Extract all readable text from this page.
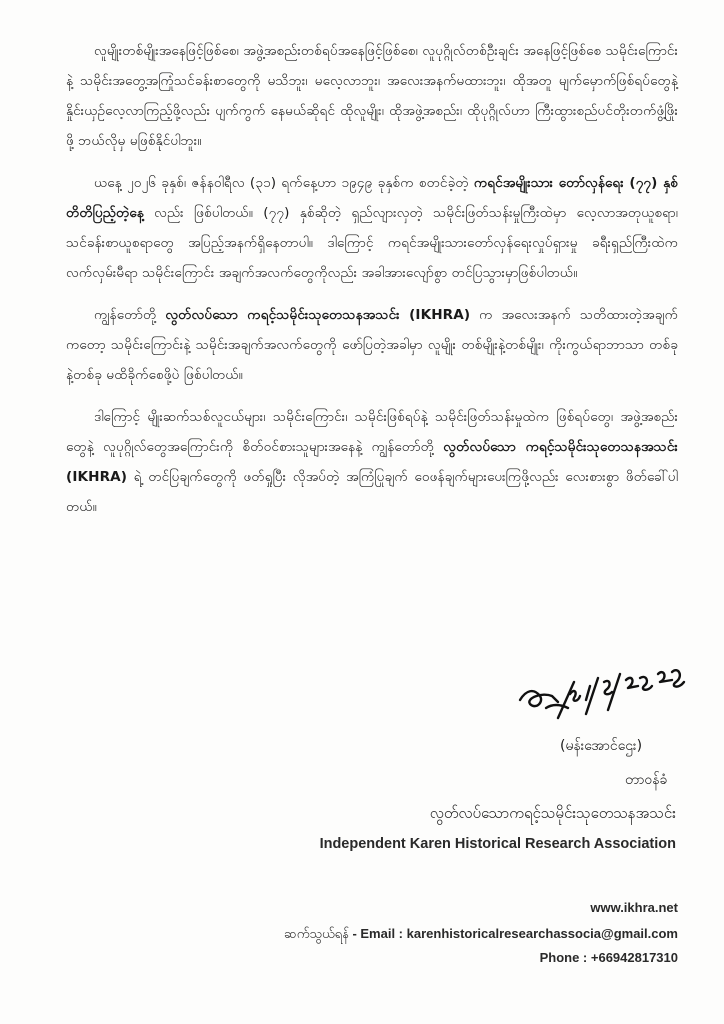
လူမျိုးတစ်မျိုးအနေဖြင့်ဖြစ်စေ၊ အဖွဲ့အစည်းတစ်ရပ်အနေဖြင့်ဖြစ်စေ၊ လူပုဂ္ဂိုလ်တစ်ဦးချင်း အနေဖြင့်ဖြစ်စေ သမိုင်းကြောင်းနဲ့ သမိုင်းအတွေ့အကြုံသင်ခန်းစာတွေကို မသိဘူး၊ မလေ့လာဘူး၊ အလေးအနက်မထားဘူး၊ ထိုအတူ မျက်မှောက်ဖြစ်ရပ်တွေနဲ့နှိုင်းယှဉ်လေ့လာကြည့်ဖို့လည်း ပျက်ကွက် နေမယ်ဆိုရင် ထိုလူမျိုး၊ ထိုအဖွဲ့အစည်း၊ ထိုပုဂ္ဂိုလ်ဟာ ကြီးထွားစည်ပင်တိုးတက်ဖွံ့ဖြိုးဖို့ ဘယ်လိုမှ မဖြစ်နိုင်ပါဘူး။

ယနေ့ ၂၀၂၆ ခုနှစ်၊ ဇန်နဝါရီလ (၃၁) ရက်နေ့ဟာ ၁၉၄၉ ခုနှစ်က စတင်ခဲ့တဲ့ ကရင်အမျိုးသား တော်လှန်ရေး (၇၇) နှစ်တိတိပြည့်တဲ့နေ့ လည်း ဖြစ်ပါတယ်။ (၇၇) နှစ်ဆိုတဲ့ ရှည်လျားလှတဲ့ သမိုင်းဖြတ်သန်းမှုကြီးထဲမှာ လေ့လာအတုယူစရာ၊ သင်ခန်းစာယူစရာတွေ အပြည့်အနက်ရှိနေတာပါ။ ဒါကြောင့် ကရင်အမျိုးသားတော်လှန်ရေးလှုပ်ရှားမှု ခရီးရှည်ကြီးထဲက လက်လှမ်းမီရာ သမိုင်းကြောင်း အချက်အလက်တွေကိုလည်း အခါအားလျော်စွာ တင်ပြသွားမှာဖြစ်ပါတယ်။

ကျွန်တော်တို့ လွတ်လပ်သော ကရင့်သမိုင်းသုတေသနအသင်း (IKHRA) က အလေးအနက် သတိထားတဲ့အချက်ကတော့ သမိုင်းကြောင်းနဲ့ သမိုင်းအချက်အလက်တွေကို ဖော်ပြတဲ့အခါမှာ လူမျိုး တစ်မျိုးနဲ့တစ်မျိုး၊ ကိုးကွယ်ရာဘာသာ တစ်ခုနဲ့တစ်ခု မထိခိုက်စေဖို့ပဲ ဖြစ်ပါတယ်။

ဒါကြောင့် မျိုးဆက်သစ်လူငယ်များ၊ သမိုင်းကြောင်း၊ သမိုင်းဖြစ်ရပ်နဲ့ သမိုင်းဖြတ်သန်းမှုထဲက ဖြစ်ရပ်တွေ၊ အဖွဲ့အစည်းတွေနဲ့ လူပုဂ္ဂိုလ်တွေအကြောင်းကို စိတ်ဝင်စားသူများအနေနဲ့ ကျွန်တော်တို့ လွတ်လပ်သော ကရင့်သမိုင်းသုတေသနအသင်း (IKHRA) ရဲ့ တင်ပြချက်တွေကို ဖတ်ရှုပြီး လိုအပ်တဲ့ အကြံပြုချက် ဝေဖန်ချက်များပေးကြဖို့လည်း လေးစားစွာ ဖိတ်ခေါ်ပါတယ်။

(မန်းအောင်ဌေး)
တာဝန်ခံ
လွတ်လပ်သောကရင့်သမိုင်းသုတေသနအသင်း
Independent Karen Historical Research Association
www.ikhra.net
ဆက်သွယ်ရန် - Email : karenhistoricalresearchassocia@gmail.com
Phone : +66942817310
